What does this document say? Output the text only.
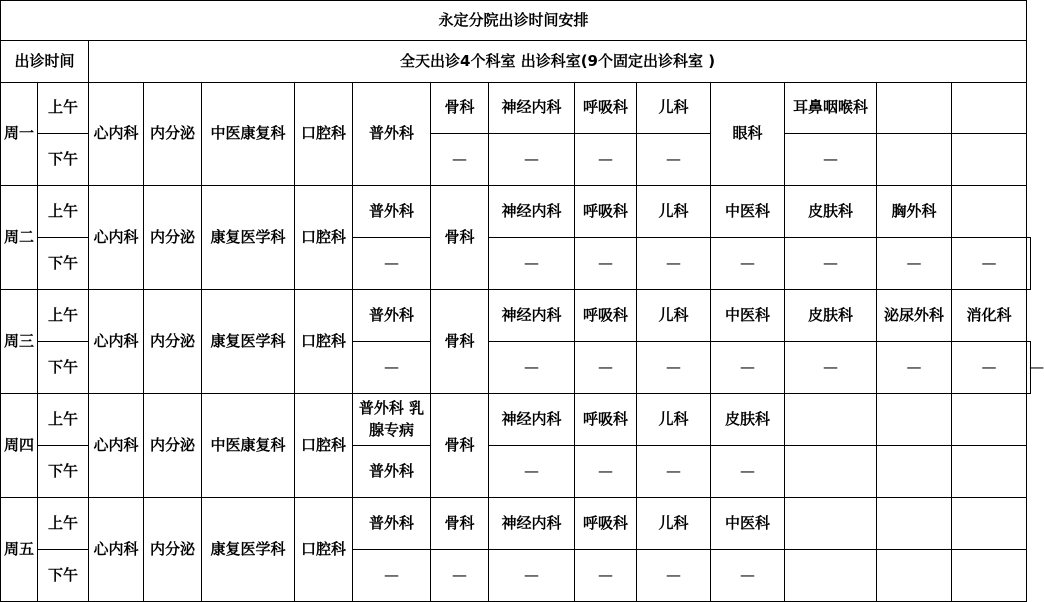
永定分院出诊时间安排															
出诊时间		全天出诊4个科室 出诊科室(9个固定出诊科室 )													
周一	上午	心内科	内分泌	中医康复科	口腔科	普外科	骨科	神经内科	呼吸科	儿科	眼科	耳鼻咽喉科			
	下午						—	—	—	—		—			
周二	上午	心内科	内分泌	康复医学科	口腔科	普外科	骨科	神经内科	呼吸科	儿科	中医科	皮肤科	胸外科		
	下午					—		—	—	—	—	—	—	—	
周三	上午	心内科	内分泌	康复医学科	口腔科	普外科	骨科	神经内科	呼吸科	儿科	中医科	皮肤科	泌尿外科	消化科	
	下午					—		—	—	—	—	—	—	—	—
周四	上午	心内科	内分泌	中医康复科	口腔科	普外科 乳腺专病	骨科	神经内科	呼吸科	儿科	皮肤科				
	下午					普外科		—	—	—	—				
周五	上午	心内科	内分泌	康复医学科	口腔科	普外科	骨科	神经内科	呼吸科	儿科	中医科				
	下午					—	—	—	—	—	—				
